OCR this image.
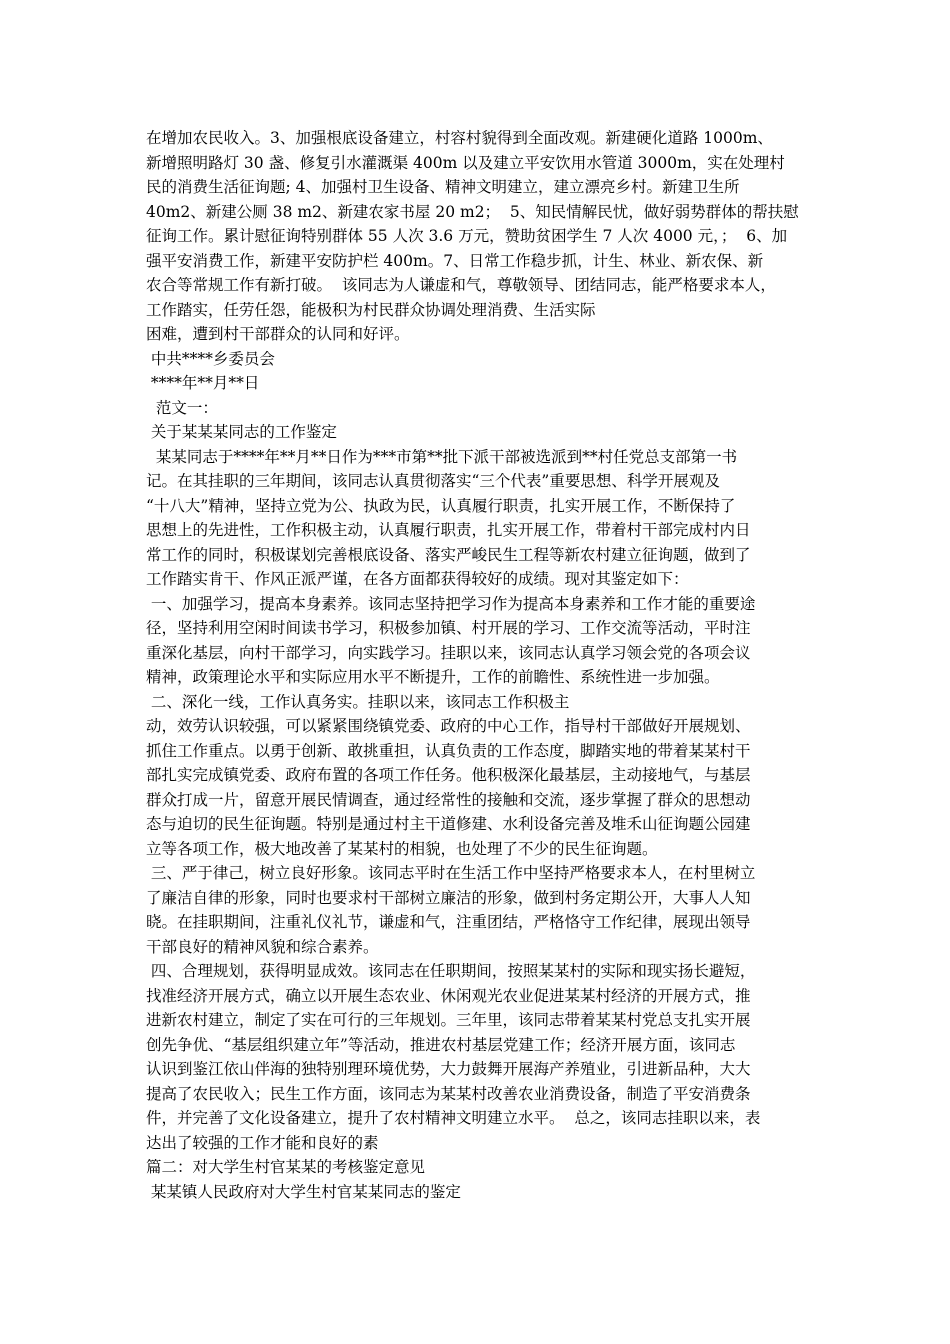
在增加农民收入。3、加强根底设备建立，村容村貌得到全面改观。新建硬化道路 1000m、
新增照明路灯 30 盏、修复引水灌溉渠 400m 以及建立平安饮用水管道 3000m，实在处理村
民的消费生活征询题; 4、加强村卫生设备、精神文明建立，建立漂亮乡村。新建卫生所
40m2、新建公厕 38 m2、新建农家书屋 20 m2；  5、知民情解民忧，做好弱势群体的帮扶慰
征询工作。累计慰征询特别群体 55 人次 3.6 万元，赞助贫困学生 7 人次 4000 元，；  6、加
强平安消费工作，新建平安防护栏 400m。7、日常工作稳步抓，计生、林业、新农保、新
农合等常规工作有新打破。  该同志为人谦虚和气，尊敬领导、团结同志，能严格要求本人，
工作踏实，任劳任怨，能极积为村民群众协调处理消费、生活实际
困难，遭到村干部群众的认同和好评。
中共****乡委员会
****年**月**日
范文一：
关于某某某同志的工作鉴定
某某同志于****年**月**日作为***市第**批下派干部被选派到**村任党总支部第一书
记。在其挂职的三年期间，该同志认真贯彻落实“三个代表”重要思想、科学开展观及
“十八大”精神，坚持立党为公、执政为民，认真履行职责，扎实开展工作，不断保持了
思想上的先进性，工作积极主动，认真履行职责，扎实开展工作，带着村干部完成村内日
常工作的同时，积极谋划完善根底设备、落实严峻民生工程等新农村建立征询题，做到了
工作踏实肯干、作风正派严谨，在各方面都获得较好的成绩。现对其鉴定如下：
一、加强学习，提高本身素养。该同志坚持把学习作为提高本身素养和工作才能的重要途
径，坚持利用空闲时间读书学习，积极参加镇、村开展的学习、工作交流等活动，平时注
重深化基层，向村干部学习，向实践学习。挂职以来，该同志认真学习领会党的各项会议
精神，政策理论水平和实际应用水平不断提升，工作的前瞻性、系统性进一步加强。
二、深化一线，工作认真务实。挂职以来，该同志工作积极主
动，效劳认识较强，可以紧紧围绕镇党委、政府的中心工作，指导村干部做好开展规划、
抓住工作重点。以勇于创新、敢挑重担，认真负责的工作态度，脚踏实地的带着某某村干
部扎实完成镇党委、政府布置的各项工作任务。他积极深化最基层，主动接地气，与基层
群众打成一片，留意开展民情调查，通过经常性的接触和交流，逐步掌握了群众的思想动
态与迫切的民生征询题。特别是通过村主干道修建、水利设备完善及堆禾山征询题公园建
立等各项工作，极大地改善了某某村的相貌，也处理了不少的民生征询题。
三、严于律己，树立良好形象。该同志平时在生活工作中坚持严格要求本人，在村里树立
了廉洁自律的形象，同时也要求村干部树立廉洁的形象，做到村务定期公开，大事人人知
晓。在挂职期间，注重礼仪礼节，谦虚和气，注重团结，严格恪守工作纪律，展现出领导
干部良好的精神风貌和综合素养。
四、合理规划，获得明显成效。该同志在任职期间，按照某某村的实际和现实扬长避短，
找准经济开展方式，确立以开展生态农业、休闲观光农业促进某某村经济的开展方式，推
进新农村建立，制定了实在可行的三年规划。三年里，该同志带着某某村党总支扎实开展
创先争优、“基层组织建立年”等活动，推进农村基层党建工作；经济开展方面，该同志
认识到鉴江依山伴海的独特别理环境优势，大力鼓舞开展海产养殖业，引进新品种，大大
提高了农民收入；民生工作方面，该同志为某某村改善农业消费设备，制造了平安消费条
件，并完善了文化设备建立，提升了农村精神文明建立水平。  总之，该同志挂职以来，表
达出了较强的工作才能和良好的素
篇二：对大学生村官某某的考核鉴定意见
某某镇人民政府对大学生村官某某同志的鉴定
